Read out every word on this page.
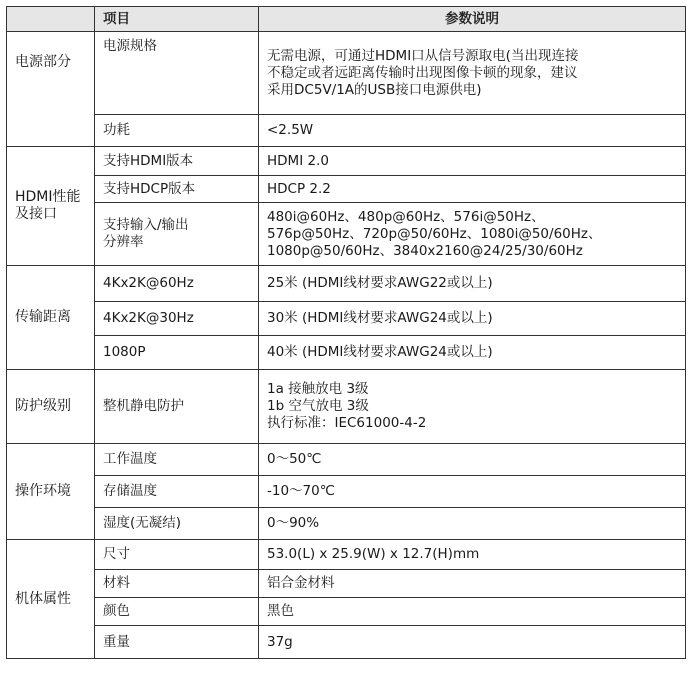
	项目	参数说明
电源部分	电源规格	无需电源，可通过HDMI口从信号源取电(当出现连接
不稳定或者远距离传输时出现图像卡顿的现象，建议
采用DC5V/1A的USB接口电源供电)
	功耗	<2.5W
HDMI性能
及接口	支持HDMI版本	HDMI 2.0
	支持HDCP版本	HDCP 2.2
	支持输入/输出
分辨率	480i@60Hz、480p@60Hz、576i@50Hz、
576p@50Hz、720p@50/60Hz、1080i@50/60Hz、
1080p@50/60Hz、3840x2160@24/25/30/60Hz
传输距离	4Kx2K@60Hz	25米 (HDMI线材要求AWG22或以上)
	4Kx2K@30Hz	30米 (HDMI线材要求AWG24或以上)
	1080P	40米 (HDMI线材要求AWG24或以上)
防护级别	整机静电防护	1a 接触放电 3级
1b 空气放电 3级
执行标准：IEC61000-4-2
操作环境	工作温度	0～50℃
	存储温度	-10～70℃
	湿度(无凝结)	0～90%
机体属性	尺寸	53.0(L) x 25.9(W) x 12.7(H)mm
	材料	铝合金材料
	颜色	黑色
	重量	37g
